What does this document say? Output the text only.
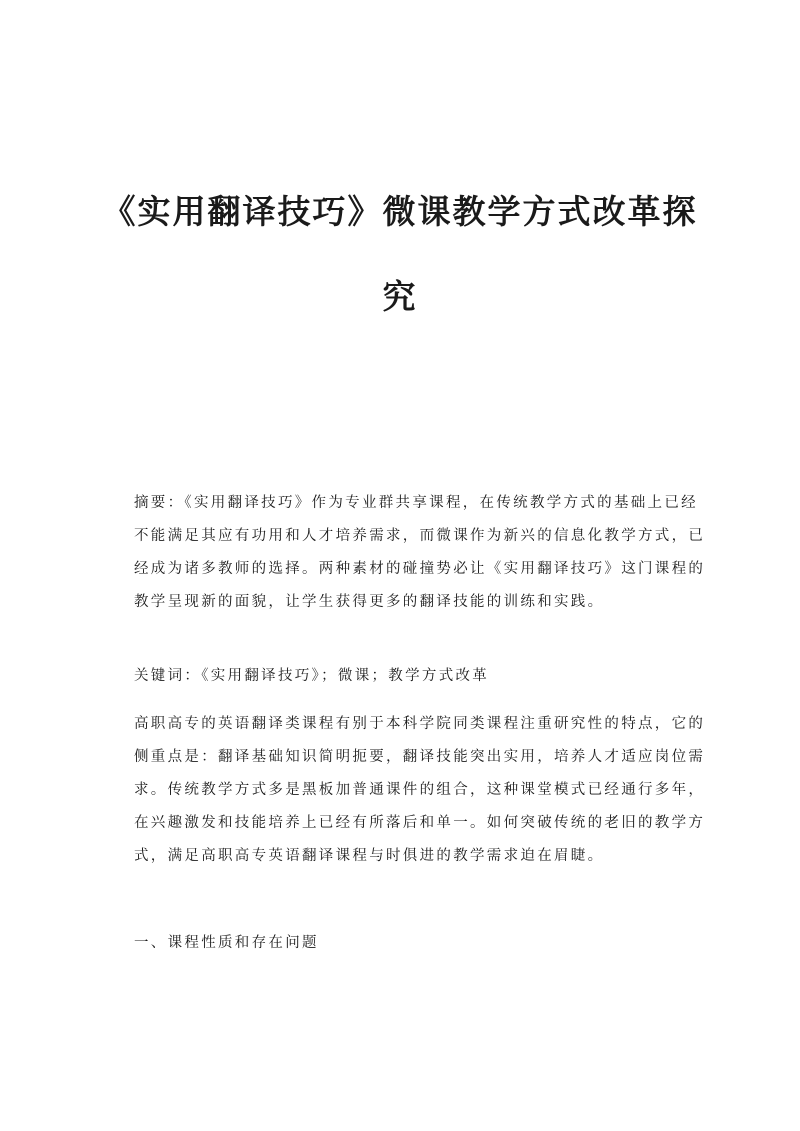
《实用翻译技巧》微课教学方式改革探
究
摘要：《实用翻译技巧》作为专业群共享课程，在传统教学方式的基础上已经
不能满足其应有功用和人才培养需求，而微课作为新兴的信息化教学方式，已
经成为诸多教师的选择。两种素材的碰撞势必让《实用翻译技巧》这门课程的
教学呈现新的面貌，让学生获得更多的翻译技能的训练和实践。
关键词：《实用翻译技巧》；微课；教学方式改革
高职高专的英语翻译类课程有别于本科学院同类课程注重研究性的特点，它的
侧重点是：翻译基础知识简明扼要，翻译技能突出实用，培养人才适应岗位需
求。传统教学方式多是黑板加普通课件的组合，这种课堂模式已经通行多年，
在兴趣激发和技能培养上已经有所落后和单一。如何突破传统的老旧的教学方
式，满足高职高专英语翻译课程与时俱进的教学需求迫在眉睫。
一、课程性质和存在问题
